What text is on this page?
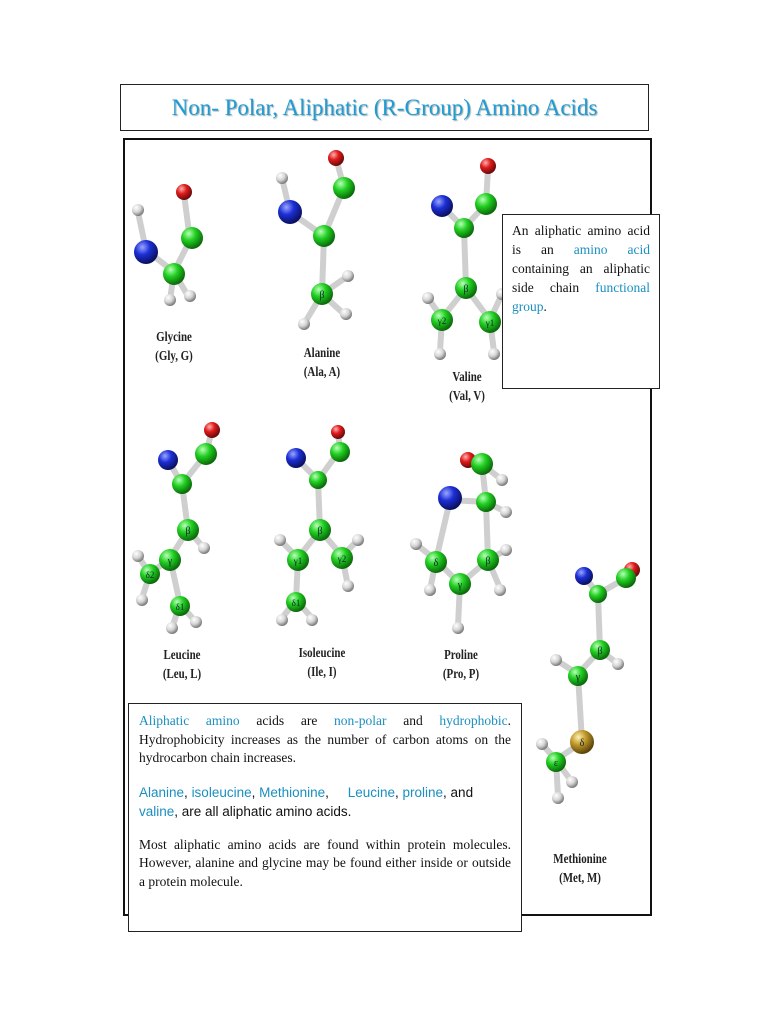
Non- Polar, Aliphatic (R-Group) Amino Acids
Glycine
(Gly, G)
β
Alanine
(Ala, A)
β
γ2	γ1
Valine
(Val, V)
β
γ
δ2
δ1
Leucine
(Leu, L)
β
γ1	γ2
δ1
Isoleucine
(Ile, I)
δ	β
γ
Proline
(Pro, P)
β
γ
δ
ε
Methionine
(Met, M)
An aliphatic amino acid is an amino acid containing an aliphatic side chain functional group.

Aliphatic amino acids are non-polar and hydrophobic. Hydrophobicity increases as the number of carbon atoms on the hydrocarbon chain increases.

Alanine, isoleucine, Methionine,     Leucine, proline, and valine, are all aliphatic amino acids.

Most aliphatic amino acids are found within protein molecules. However, alanine and glycine may be found either inside or outside a protein molecule.
